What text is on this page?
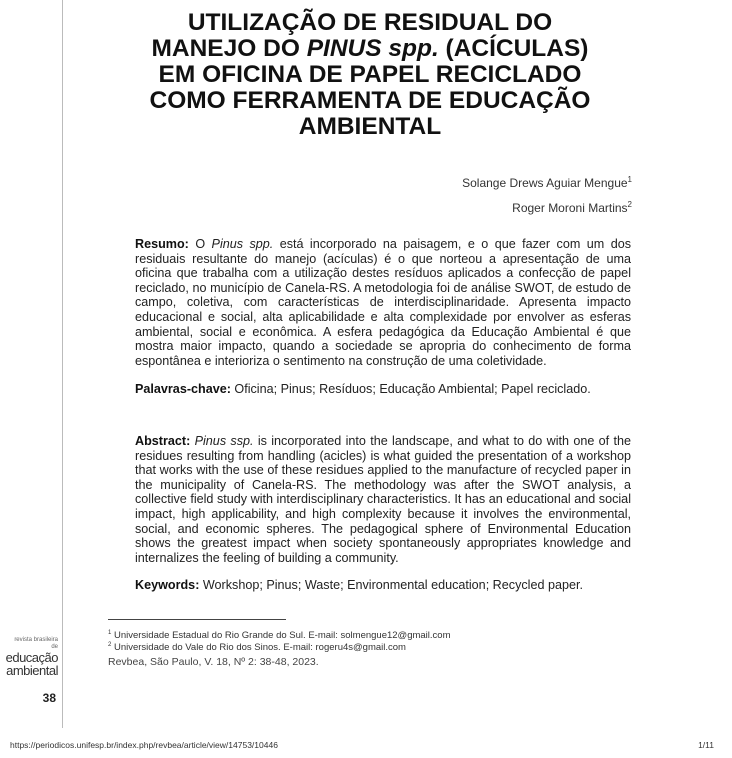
UTILIZAÇÃO DE RESIDUAL DO
MANEJO DO PINUS spp. (ACÍCULAS)
EM OFICINA DE PAPEL RECICLADO
COMO FERRAMENTA DE EDUCAÇÃO
AMBIENTAL
Solange Drews Aguiar Mengue$^1$
Roger Moroni Martins$^2$
Resumo: O Pinus spp. está incorporado na paisagem, e o que fazer com um dos residuais resultante do manejo (acículas) é o que norteou a apresentação de uma oficina que trabalha com a utilização destes resíduos aplicados a confecção de papel reciclado, no município de Canela-RS. A metodologia foi de análise SWOT, de estudo de campo, coletiva, com características de interdisciplinaridade. Apresenta impacto educacional e social, alta aplicabilidade e alta complexidade por envolver as esferas ambiental, social e econômica. A esfera pedagógica da Educação Ambiental é que mostra maior impacto, quando a sociedade se apropria do conhecimento de forma espontânea e interioriza o sentimento na construção de uma coletividade.
Palavras-chave: Oficina; Pinus; Resíduos; Educação Ambiental; Papel reciclado.
Abstract: Pinus ssp. is incorporated into the landscape, and what to do with one of the residues resulting from handling (acicles) is what guided the presentation of a workshop that works with the use of these residues applied to the manufacture of recycled paper in the municipality of Canela-RS. The methodology was after the SWOT analysis, a collective field study with interdisciplinary characteristics. It has an educational and social impact, high applicability, and high complexity because it involves the environmental, social, and economic spheres. The pedagogical sphere of Environmental Education shows the greatest impact when society spontaneously appropriates knowledge and internalizes the feeling of building a community.
Keywords: Workshop; Pinus; Waste; Environmental education; Recycled paper.
$^1$ Universidade Estadual do Rio Grande do Sul. E-mail: solmengue12@gmail.com
$^2$ Universidade do Vale do Rio dos Sinos. E-mail: rogeru4s@gmail.com
Revbea, São Paulo, V. 18, Nº 2: 38-48, 2023.
revista brasileira
de
educação
ambiental
38
https://periodicos.unifesp.br/index.php/revbea/article/view/14753/10446	1/11
